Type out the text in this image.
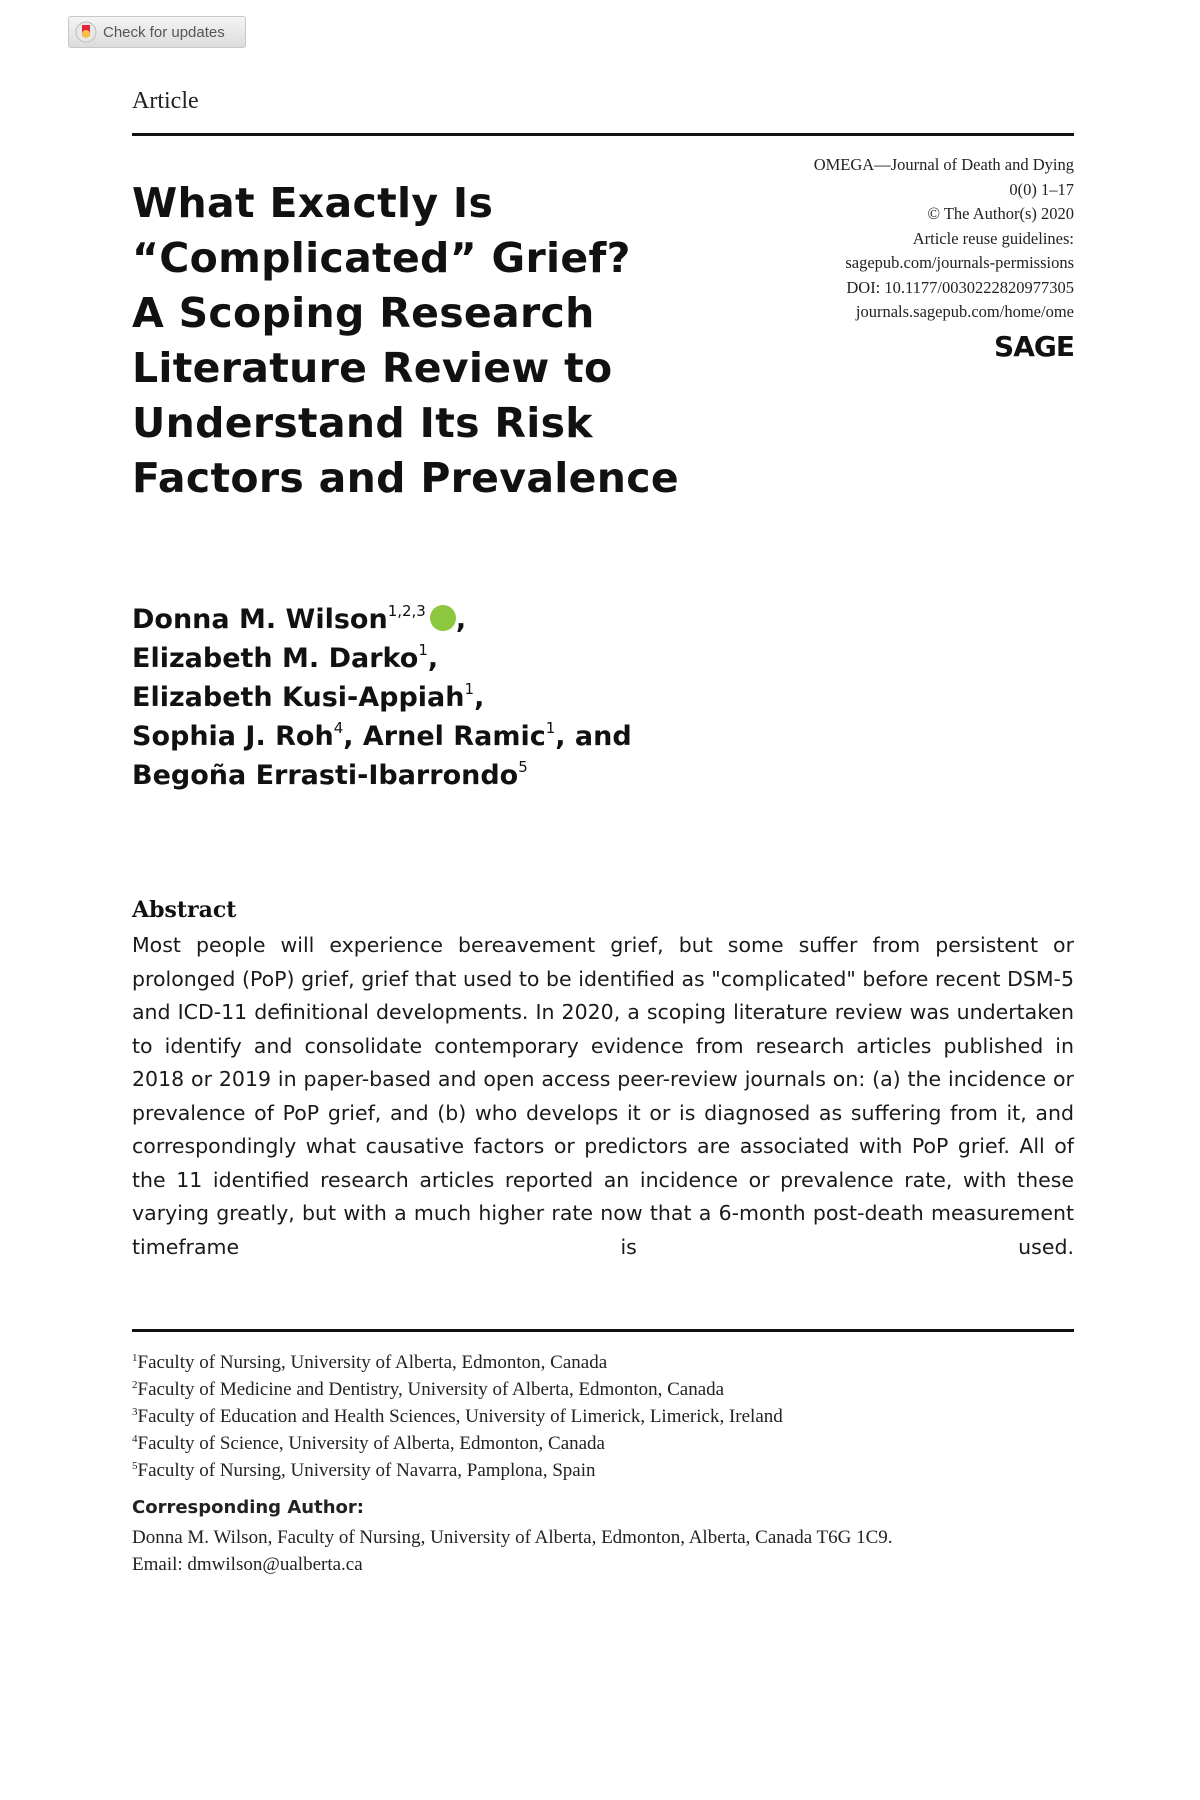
Check for updates
Article
What Exactly Is
“Complicated” Grief?
A Scoping Research
Literature Review to
Understand Its Risk
Factors and Prevalence
OMEGA—Journal of Death and Dying
0(0) 1–17
© The Author(s) 2020
Article reuse guidelines:
sagepub.com/journals-permissions
DOI: 10.1177/0030222820977305
journals.sagepub.com/home/ome
SAGE
Donna M. Wilson$^{1,2,3}$ ,
Elizabeth M. Darko$^1$,
Elizabeth Kusi-Appiah$^1$,
Sophia J. Roh$^4$, Arnel Ramic$^1$, and
Begoña Errasti-Ibarrondo$^5$
Abstract

Most people will experience bereavement grief, but some suffer from persistent or prolonged (PoP) grief, grief that used to be identified as "complicated" before recent DSM-5 and ICD-11 definitional developments. In 2020, a scoping literature review was undertaken to identify and consolidate contemporary evidence from research articles published in 2018 or 2019 in paper-based and open access peer-review journals on: (a) the incidence or prevalence of PoP grief, and (b) who develops it or is diagnosed as suffering from it, and correspondingly what causative factors or predictors are associated with PoP grief. All of the 11 identified research articles reported an incidence or prevalence rate, with these varying greatly, but with a much higher rate now that a 6-month post-death measurement timeframe is used.

$^1$Faculty of Nursing, University of Alberta, Edmonton, Canada
$^2$Faculty of Medicine and Dentistry, University of Alberta, Edmonton, Canada
$^3$Faculty of Education and Health Sciences, University of Limerick, Limerick, Ireland
$^4$Faculty of Science, University of Alberta, Edmonton, Canada
$^5$Faculty of Nursing, University of Navarra, Pamplona, Spain
Corresponding Author:
Donna M. Wilson, Faculty of Nursing, University of Alberta, Edmonton, Alberta, Canada T6G 1C9.
Email: dmwilson@ualberta.ca
